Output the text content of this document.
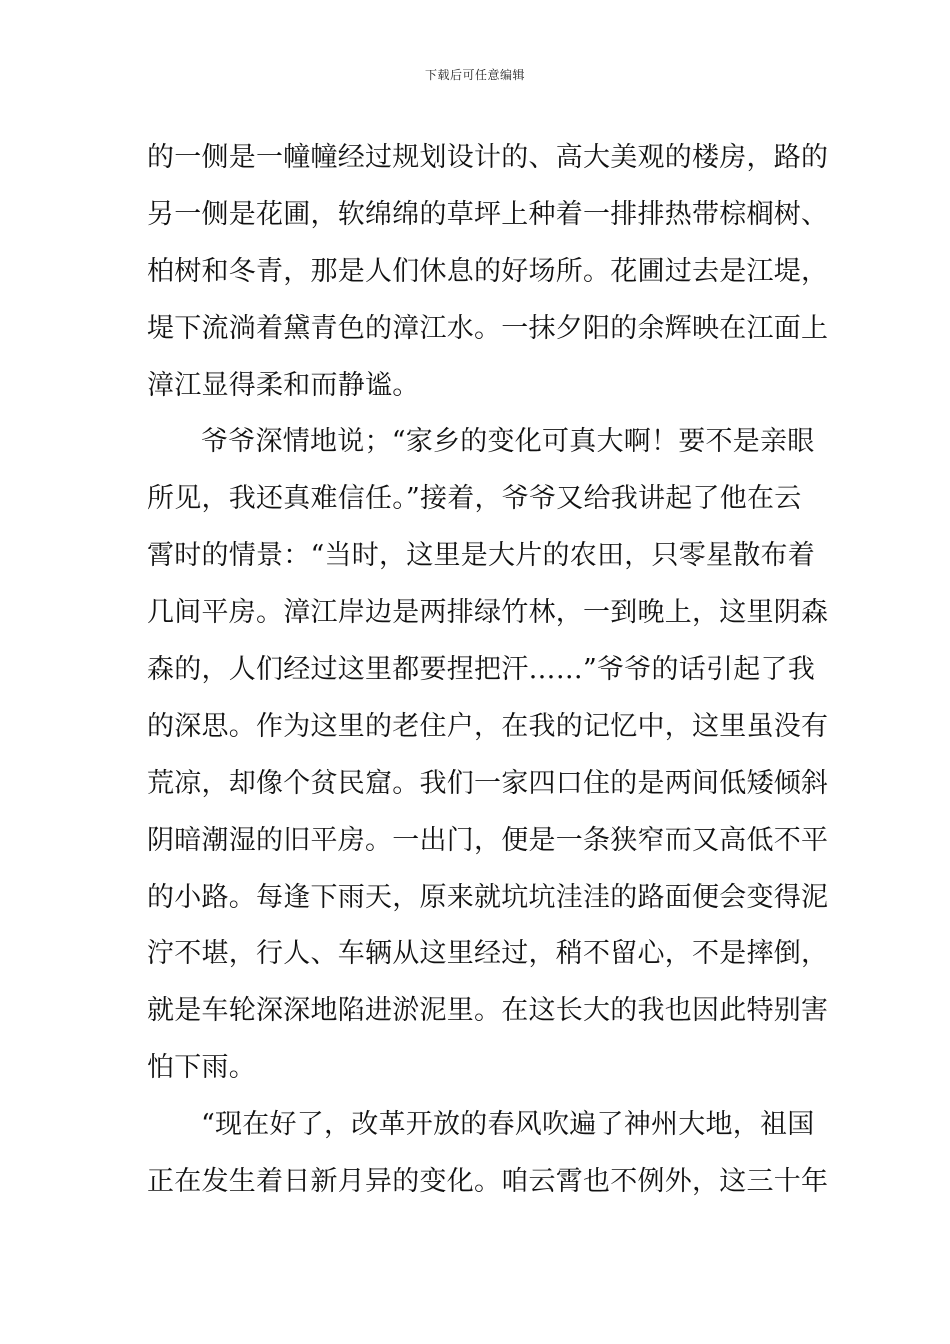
下载后可任意编辑

的一侧是一幢幢经过规划设计的、高大美观的楼房，路的
另一侧是花圃，软绵绵的草坪上种着一排排热带棕榈树、
柏树和冬青，那是人们休息的好场所。花圃过去是江堤，
堤下流淌着黛青色的漳江水。一抹夕阳的余辉映在江面上
漳江显得柔和而静谧。

爷爷深情地说；“家乡的变化可真大啊！要不是亲眼
所见，我还真难信任。”接着，爷爷又给我讲起了他在云
霄时的情景：“当时，这里是大片的农田，只零星散布着
几间平房。漳江岸边是两排绿竹林，一到晚上，这里阴森
森的，人们经过这里都要捏把汗……”爷爷的话引起了我
的深思。作为这里的老住户，在我的记忆中，这里虽没有
荒凉，却像个贫民窟。我们一家四口住的是两间低矮倾斜
阴暗潮湿的旧平房。一出门，便是一条狭窄而又高低不平
的小路。每逢下雨天，原来就坑坑洼洼的路面便会变得泥
泞不堪，行人、车辆从这里经过，稍不留心，不是摔倒，
就是车轮深深地陷进淤泥里。在这长大的我也因此特别害
怕下雨。

“现在好了，改革开放的春风吹遍了神州大地，祖国
正在发生着日新月异的变化。咱云霄也不例外，这三十年
